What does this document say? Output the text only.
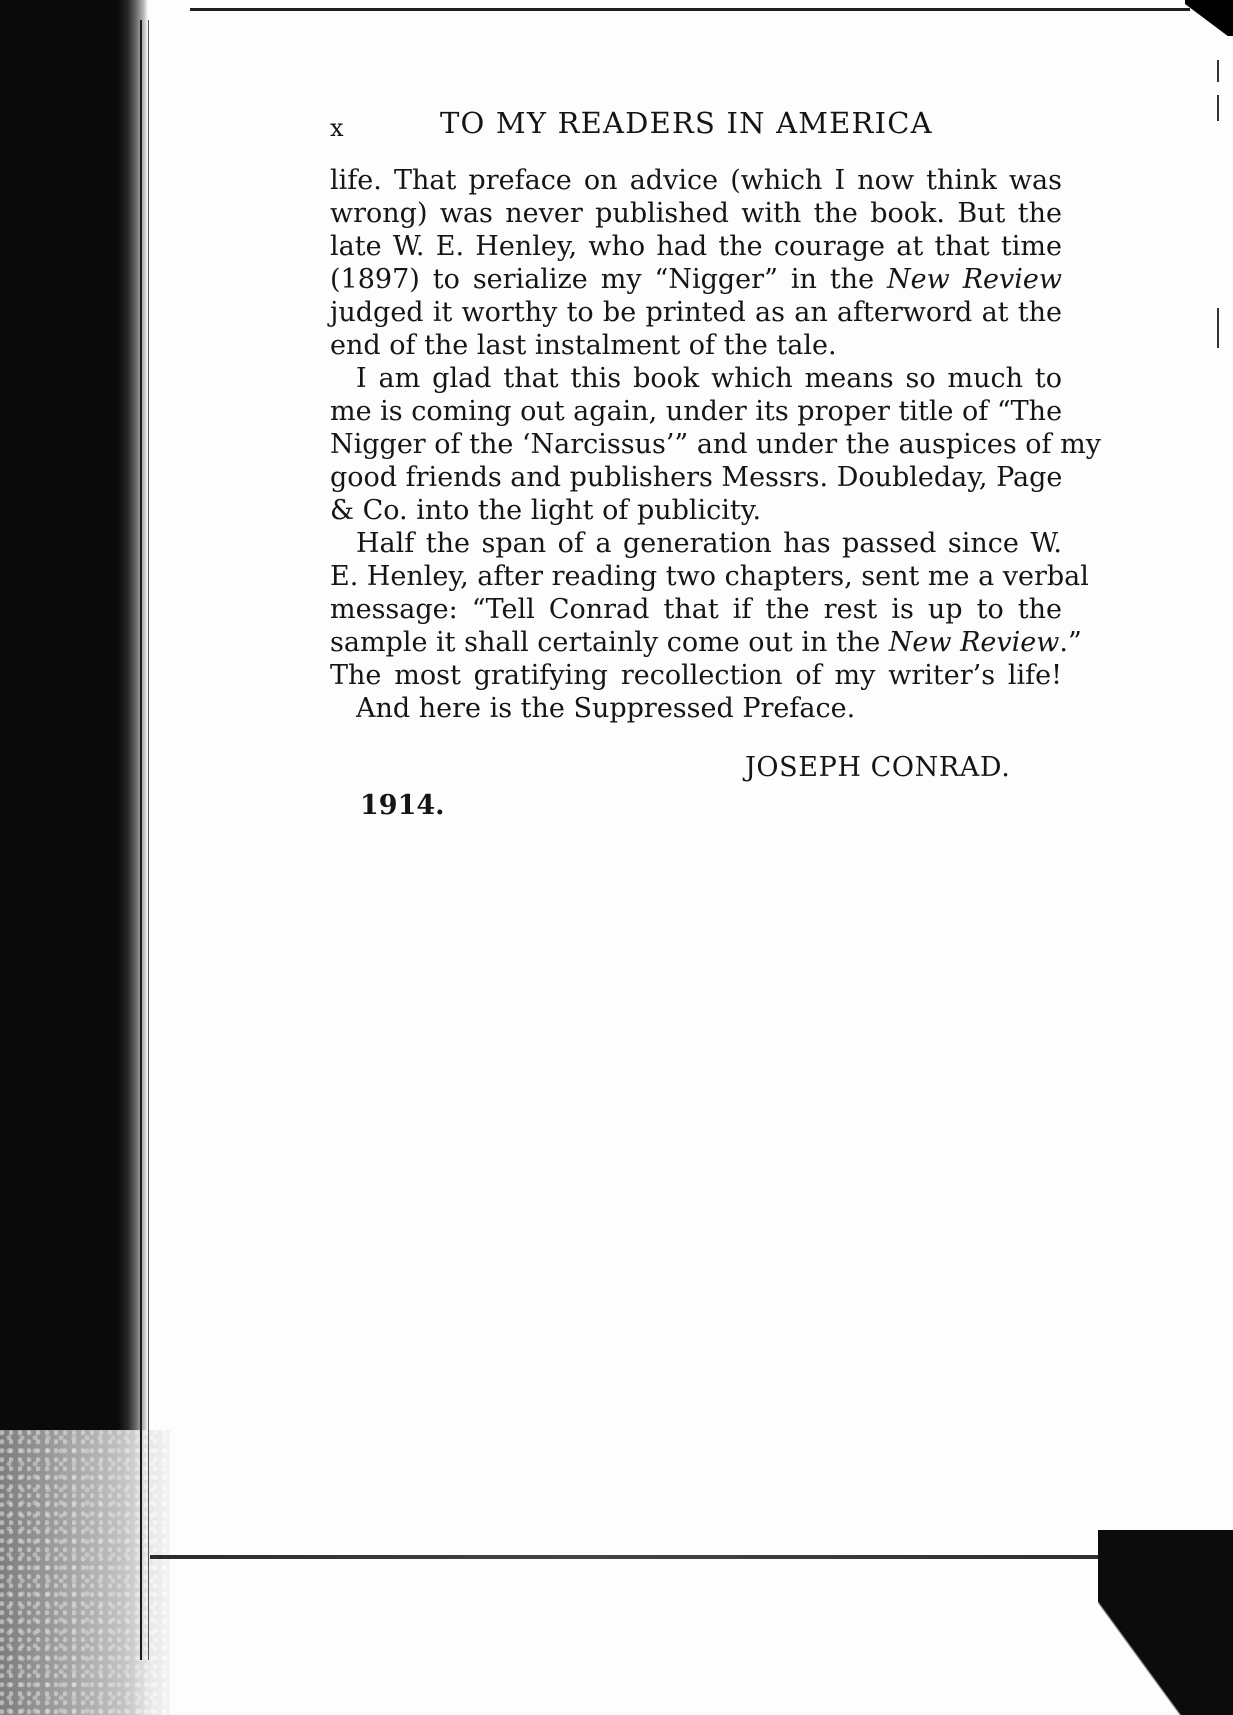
x	TO MY READERS IN AMERICA
life. That preface on advice (which I now think was
wrong) was never published with the book. But the
late W. E. Henley, who had the courage at that time
(1897) to serialize my “Nigger” in the New Review
judged it worthy to be printed as an afterword at the
end of the last instalment of the tale.
I am glad that this book which means so much to
me is coming out again, under its proper title of “The
Nigger of the ‘Narcissus’” and under the auspices of my
good friends and publishers Messrs. Doubleday, Page
& Co. into the light of publicity.
Half the span of a generation has passed since W.
E. Henley, after reading two chapters, sent me a verbal
message: “Tell Conrad that if the rest is up to the
sample it shall certainly come out in the New Review.”
The most gratifying recollection of my writer’s life!
And here is the Suppressed Preface.
JOSEPH CONRAD.
1914.
